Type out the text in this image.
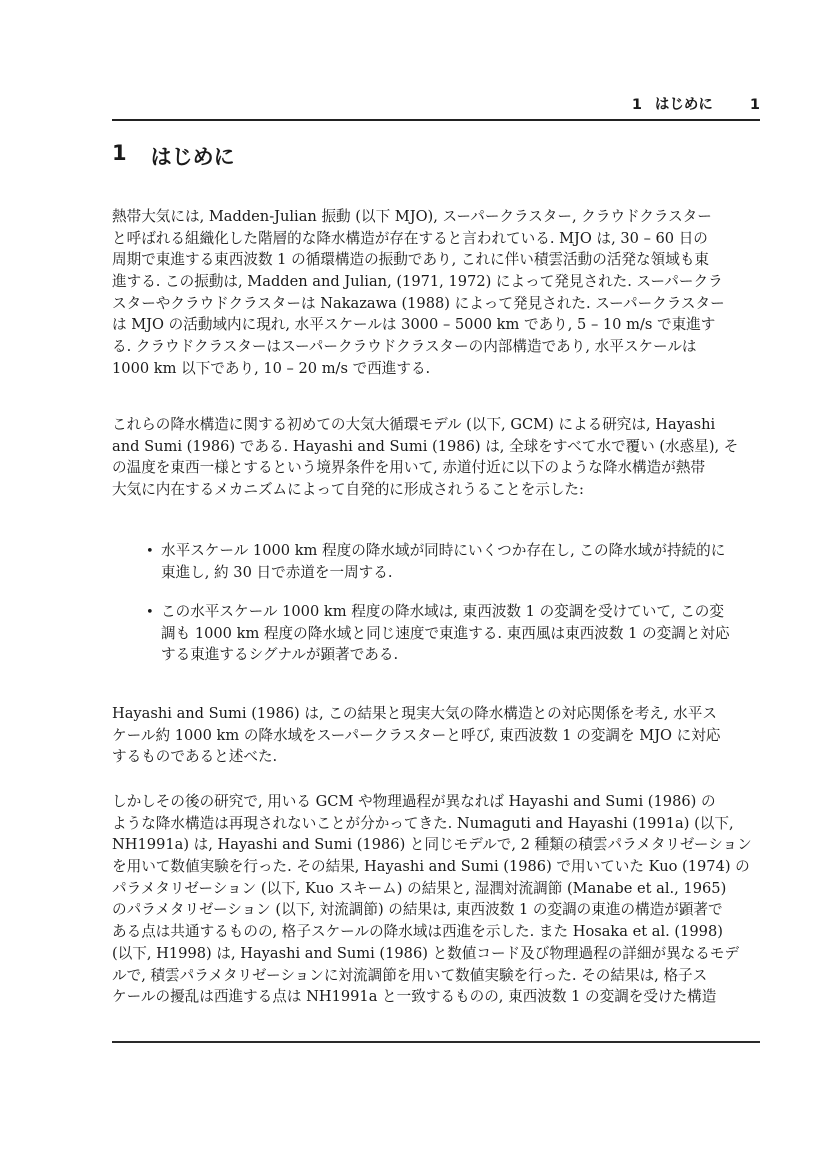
1 はじめに	1
1 はじめに
熱帯大気には, Madden-Julian 振動 (以下 MJO), スーパークラスター, クラウドクラスター
と呼ばれる組織化した階層的な降水構造が存在すると言われている. MJO は, 30 – 60 日の
周期で東進する東西波数 1 の循環構造の振動であり, これに伴い積雲活動の活発な領域も東
進する. この振動は, Madden and Julian, (1971, 1972) によって発見された. スーパークラ
スターやクラウドクラスターは Nakazawa (1988) によって発見された. スーパークラスター
は MJO の活動域内に現れ, 水平スケールは 3000 – 5000 km であり, 5 – 10 m/s で東進す
る. クラウドクラスターはスーパークラウドクラスターの内部構造であり, 水平スケールは
1000 km 以下であり, 10 – 20 m/s で西進する.
これらの降水構造に関する初めての大気大循環モデル (以下, GCM) による研究は, Hayashi
and Sumi (1986) である. Hayashi and Sumi (1986) は, 全球をすべて水で覆い (水惑星), そ
の温度を東西一様とするという境界条件を用いて, 赤道付近に以下のような降水構造が熱帯
大気に内在するメカニズムによって自発的に形成されうることを示した:
• 水平スケール 1000 km 程度の降水域が同時にいくつか存在し, この降水域が持続的に
東進し, 約 30 日で赤道を一周する.
• この水平スケール 1000 km 程度の降水域は, 東西波数 1 の変調を受けていて, この変
調も 1000 km 程度の降水域と同じ速度で東進する. 東西風は東西波数 1 の変調と対応
する東進するシグナルが顕著である.
Hayashi and Sumi (1986) は, この結果と現実大気の降水構造との対応関係を考え, 水平ス
ケール約 1000 km の降水域をスーパークラスターと呼び, 東西波数 1 の変調を MJO に対応
するものであると述べた.
しかしその後の研究で, 用いる GCM や物理過程が異なれば Hayashi and Sumi (1986) の
ような降水構造は再現されないことが分かってきた. Numaguti and Hayashi (1991a) (以下,
NH1991a) は, Hayashi and Sumi (1986) と同じモデルで, 2 種類の積雲パラメタリゼーション
を用いて数値実験を行った. その結果, Hayashi and Sumi (1986) で用いていた Kuo (1974) の
パラメタリゼーション (以下, Kuo スキーム) の結果と, 湿潤対流調節 (Manabe et al., 1965)
のパラメタリゼーション (以下, 対流調節) の結果は, 東西波数 1 の変調の東進の構造が顕著で
ある点は共通するものの, 格子スケールの降水域は西進を示した. また Hosaka et al. (1998)
(以下, H1998) は, Hayashi and Sumi (1986) と数値コード及び物理過程の詳細が異なるモデ
ルで, 積雲パラメタリゼーションに対流調節を用いて数値実験を行った. その結果は, 格子ス
ケールの擾乱は西進する点は NH1991a と一致するものの, 東西波数 1 の変調を受けた構造
